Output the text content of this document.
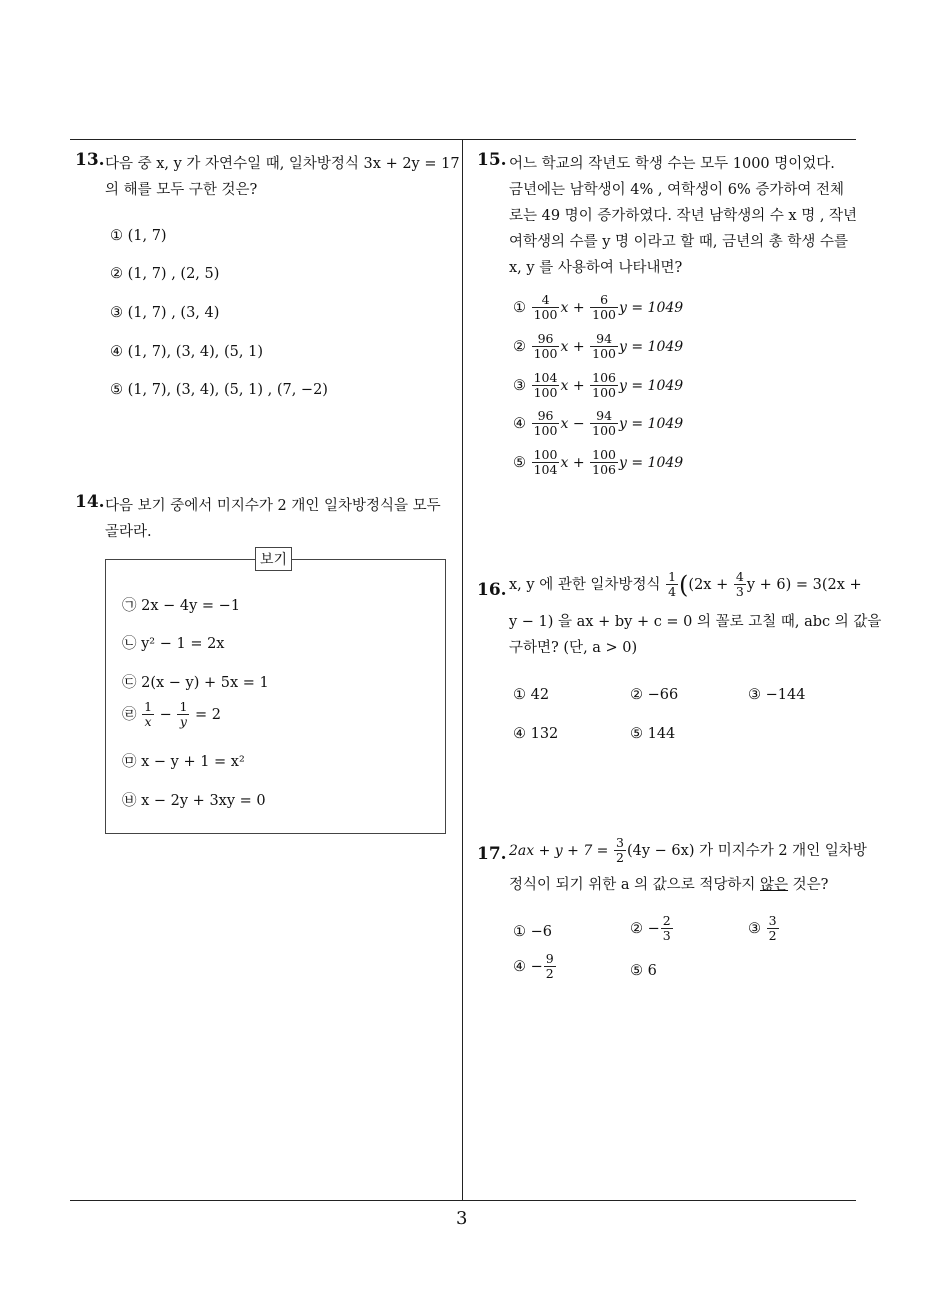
13. 다음 중 x, y 가 자연수일 때, 일차방정식 3x + 2y = 17
의 해를 모두 구한 것은?
① (1, 7)
② (1, 7) , (2, 5)
③ (1, 7) , (3, 4)
④ (1, 7), (3, 4), (5, 1)
⑤ (1, 7), (3, 4), (5, 1) , (7, −2)
14. 다음 보기 중에서 미지수가 2 개인 일차방정식을 모두
골라라.
보기
㉠ 2x − 4y = −1
㉡ y² − 1 = 2x
㉢ 2(x − y) + 5x = 1
㉣ $\frac{1}{x} - \frac{1}{y} = 2$
㉤ x − y + 1 = x²
㉥ x − 2y + 3xy = 0
15. 어느 학교의 작년도 학생 수는 모두 1000 명이었다.
금년에는 남학생이 4% , 여학생이 6% 증가하여 전체
로는 49 명이 증가하였다. 작년 남학생의 수 x 명 , 작년
여학생의 수를 y 명 이라고 할 때, 금년의 총 학생 수를
x, y 를 사용하여 나타내면?
① $\frac{4}{100}$ $x + \frac{6}{100}$ y = 1049
② $\frac{96}{100}$ $x + \frac{94}{100}$ y = 1049
③ $\frac{104}{100}$ $x + \frac{106}{100}$ y = 1049
④ $\frac{96}{100}$ $x - \frac{94}{100}$ y = 1049
⑤ $\frac{100}{104}$ $x + \frac{100}{106}$ y = 1049
16. x, y 에 관한 일차방정식 $\frac{1}{4} ((2x + \frac{4}{3}$ y + 6) = 3(2x +
y − 1) 을 ax + by + c = 0 의 꼴로 고칠 때, abc 의 값을
구하면? (단, a > 0)
① 42	② −66	③ −144
④ 132	⑤ 144
17. $2ax + y + 7 = \frac{3}{2} (4y - 6x)$ 가 미지수가 2 개인 일차방
정식이 되기 위한 a 의 값으로 적당하지 않은 것은?
① −6	② − $\frac{2}{3}$	③ $\frac{3}{2}$
④ − $\frac{9}{2}$	⑤ 6
3
